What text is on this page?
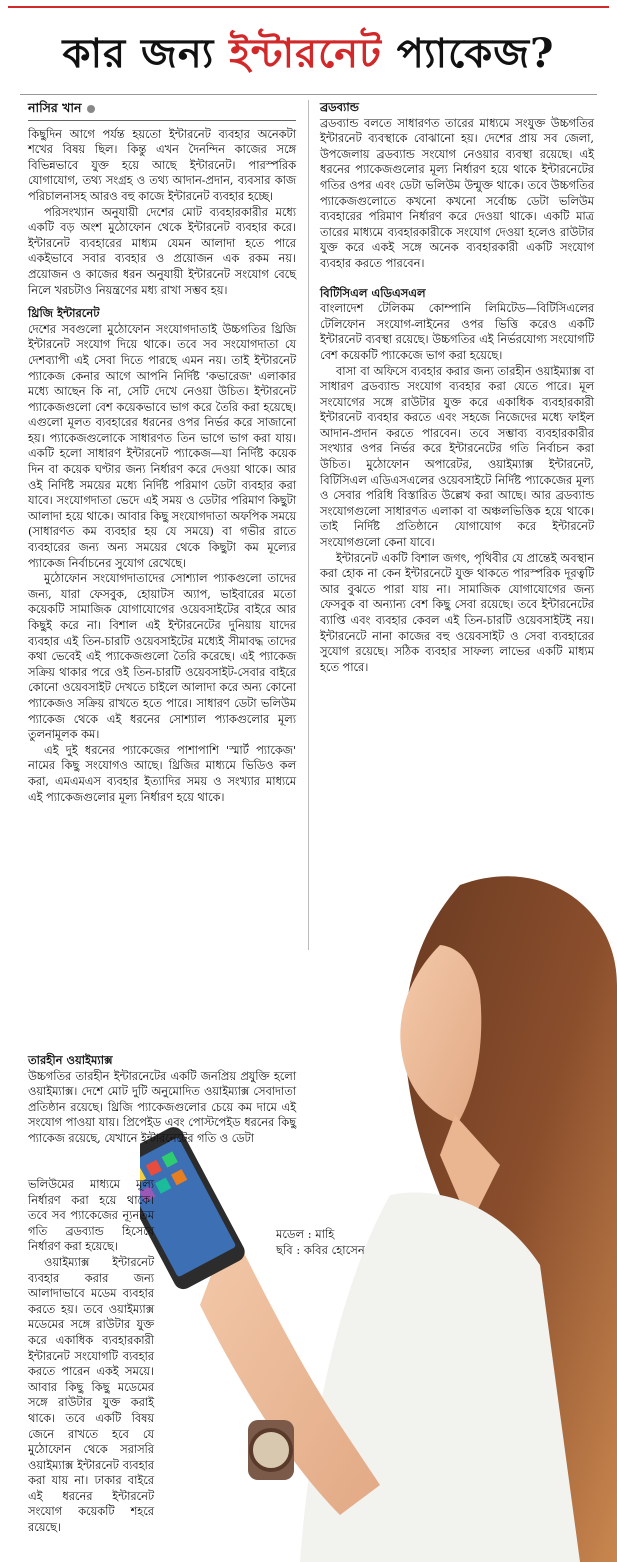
কার জন্য ইন্টারনেট প্যাকেজ?
নাসির খান

কিছুদিন আগে পর্যন্ত হয়তো ইন্টারনেট ব্যবহার অনেকটা শখের বিষয় ছিল। কিন্তু এখন দৈনন্দিন কাজের সঙ্গে বিভিন্নভাবে যুক্ত হয়ে আছে ইন্টারনেট। পারস্পরিক যোগাযোগ, তথ্য সংগ্রহ ও তথ্য আদান-প্রদান, ব্যবসার কাজ পরিচালনাসহ আরও বহু কাজে ইন্টারনেট ব্যবহার হচ্ছে।

পরিসংখ্যান অনুযায়ী দেশের মোট ব্যবহারকারীর মধ্যে একটি বড় অংশ মুঠোফোন থেকে ইন্টারনেট ব্যবহার করে। ইন্টারনেট ব্যবহারের মাধ্যম যেমন আলাদা হতে পারে একইভাবে সবার ব্যবহার ও প্রয়োজন এক রকম নয়। প্রয়োজন ও কাজের ধরন অনুযায়ী ইন্টারনেট সংযোগ বেছে নিলে খরচটাও নিয়ন্ত্রণের মধ্য রাখা সম্ভব হয়।

থ্রিজি ইন্টারনেট

দেশের সবগুলো মুঠোফোন সংযোগদাতাই উচ্চগতির থ্রিজি ইন্টারনেট সংযোগ দিয়ে থাকে। তবে সব সংযোগদাতা যে দেশব্যাপী এই সেবা দিতে পারছে এমন নয়। তাই ইন্টারনেট প্যাকেজ কেনার আগে আপনি নির্দিষ্ট 'কভারেজ' এলাকার মধ্যে আছেন কি না, সেটি দেখে নেওয়া উচিত। ইন্টারনেট প্যাকেজগুলো বেশ কয়েকভাবে ভাগ করে তৈরি করা হয়েছে। এগুলো মূলত ব্যবহারের ধরনের ওপর নির্ভর করে সাজানো হয়। প্যাকেজগুলোকে সাধারণত তিন ভাগে ভাগ করা যায়। একটি হলো সাধারণ ইন্টারনেট প্যাকেজ—যা নির্দিষ্ট কয়েক দিন বা কয়েক ঘণ্টার জন্য নির্ধারণ করে দেওয়া থাকে। আর ওই নির্দিষ্ট সময়ের মধ্যে নির্দিষ্ট পরিমাণ ডেটা ব্যবহার করা যাবে। সংযোগদাতা ভেদে এই সময় ও ডেটার পরিমাণ কিছুটা আলাদা হয়ে থাকে। আবার কিছু সংযোগদাতা অফপিক সময়ে (সাধারণত কম ব্যবহার হয় যে সময়ে) বা গভীর রাতে ব্যবহারের জন্য অন্য সময়ের থেকে কিছুটা কম মূল্যের প্যাকেজ নির্বাচনের সুযোগ রেখেছে।

মুঠোফোন সংযোগদাতাদের সোশ্যাল প্যাকগুলো তাদের জন্য, যারা ফেসবুক, হোয়াটস অ্যাপ, ভাইবারের মতো কয়েকটি সামাজিক যোগাযোগের ওয়েবসাইটের বাইরে আর কিছুই করে না। বিশাল এই ইন্টারনেটের দুনিয়ায় যাদের ব্যবহার এই তিন-চারটি ওয়েবসাইটের মধ্যেই সীমাবদ্ধ তাদের কথা ভেবেই এই প্যাকেজগুলো তৈরি করেছে। এই প্যাকেজ সক্রিয় থাকার পরে ওই তিন-চারটি ওয়েবসাইট-সেবার বাইরে কোনো ওয়েবসাইট দেখতে চাইলে আলাদা করে অন্য কোনো প্যাকেজও সক্রিয় রাখতে হতে পারে। সাধারণ ডেটা ভলিউম প্যাকেজ থেকে এই ধরনের সোশ্যাল প্যাকগুলোর মূল্য তুলনামূলক কম।

এই দুই ধরনের প্যাকেজের পাশাপাশি 'স্মার্ট প্যাকেজ' নামের কিছু সংযোগও আছে। থ্রিজির মাধ্যমে ভিডিও কল করা, এমএমএস ব্যবহার ইত্যাদির সময় ও সংখ্যার মাধ্যমে এই প্যাকেজগুলোর মূল্য নির্ধারণ হয়ে থাকে।

তারহীন ওয়াইম্যাক্স

উচ্চগতির তারহীন ইন্টারনেটের একটি জনপ্রিয় প্রযুক্তি হলো ওয়াইম্যাক্স। দেশে মোট দুটি অনুমোদিত ওয়াইম্যাক্স সেবাদাতা প্রতিষ্ঠান রয়েছে। থ্রিজি প্যাকেজগুলোর চেয়ে কম দামে এই সংযোগ পাওয়া যায়। প্রিপেইড এবং পোস্টপেইড ধরনের কিছু প্যাকেজ রয়েছে, যেখানে ইন্টারনেটের গতি ও ডেটা

ভলিউমের মাধ্যমে মূল্য নির্ধারণ করা হয়ে থাকে। তবে সব প্যাকেজের ন্যূনতম গতি ব্রডব্যান্ড হিসেবে নির্ধারণ করা হয়েছে।

ওয়াইম্যাক্স ইন্টারনেট ব্যবহার করার জন্য আলাদাভাবে মডেম ব্যবহার করতে হয়। তবে ওয়াইম্যাক্স মডেমের সঙ্গে রাউটার যুক্ত করে একাধিক ব্যবহারকারী ইন্টারনেট সংযোগটি ব্যবহার করতে পারেন একই সময়ে। আবার কিছু কিছু মডেমের সঙ্গে রাউটার যুক্ত করাই থাকে। তবে একটি বিষয় জেনে রাখতে হবে যে মুঠোফোন থেকে সরাসরি ওয়াইম্যাক্স ইন্টারনেট ব্যবহার করা যায় না। ঢাকার বাইরে এই ধরনের ইন্টারনেট সংযোগ কয়েকটি শহরে রয়েছে।

ব্রডব্যান্ড

ব্রডব্যান্ড বলতে সাধারণত তারের মাধ্যমে সংযুক্ত উচ্চগতির ইন্টারনেট ব্যবস্থাকে বোঝানো হয়। দেশের প্রায় সব জেলা, উপজেলায় ব্রডব্যান্ড সংযোগ নেওয়ার ব্যবস্থা রয়েছে। এই ধরনের প্যাকেজগুলোর মূল্য নির্ধারণ হয়ে থাকে ইন্টারনেটের গতির ওপর এবং ডেটা ভলিউম উন্মুক্ত থাকে। তবে উচ্চগতির প্যাকেজগুলোতে কখনো কখনো সর্বোচ্চ ডেটা ভলিউম ব্যবহারের পরিমাণ নির্ধারণ করে দেওয়া থাকে। একটি মাত্র তারের মাধ্যমে ব্যবহারকারীকে সংযোগ দেওয়া হলেও রাউটার যুক্ত করে একই সঙ্গে অনেক ব্যবহারকারী একটি সংযোগ ব্যবহার করতে পারবেন।

বিটিসিএল এডিএসএল

বাংলাদেশ টেলিকম কোম্পানি লিমিটেড—বিটিসিএলের টেলিফোন সংযোগ-লাইনের ওপর ভিত্তি করেও একটি ইন্টারনেট ব্যবস্থা রয়েছে। উচ্চগতির এই নির্ভরযোগ্য সংযোগটি বেশ কয়েকটি প্যাকেজে ভাগ করা হয়েছে।

বাসা বা অফিসে ব্যবহার করার জন্য তারহীন ওয়াইম্যাক্স বা সাধারণ ব্রডব্যান্ড সংযোগ ব্যবহার করা যেতে পারে। মূল সংযোগের সঙ্গে রাউটার যুক্ত করে একাধিক ব্যবহারকারী ইন্টারনেট ব্যবহার করতে এবং সহজে নিজেদের মধ্যে ফাইল আদান-প্রদান করতে পারবেন। তবে সম্ভাব্য ব্যবহারকারীর সংখ্যার ওপর নির্ভর করে ইন্টারনেটের গতি নির্বাচন করা উচিত। মুঠোফোন অপারেটর, ওয়াইম্যাক্স ইন্টারনেট, বিটিসিএল এডিএসএলের ওয়েবসাইটে নির্দিষ্ট প্যাকেজের মূল্য ও সেবার পরিধি বিস্তারিত উল্লেখ করা আছে। আর ব্রডব্যান্ড সংযোগগুলো সাধারণত এলাকা বা অঞ্চলভিত্তিক হয়ে থাকে। তাই নির্দিষ্ট প্রতিষ্ঠানে যোগাযোগ করে ইন্টারনেট সংযোগগুলো কেনা যাবে।

ইন্টারনেট একটি বিশাল জগৎ, পৃথিবীর যে প্রান্তেই অবস্থান করা হোক না কেন ইন্টারনেটে যুক্ত থাকতে পারস্পরিক দূরত্বটি আর বুঝতে পারা যায় না। সামাজিক যোগাযোগের জন্য ফেসবুক বা অন্যান্য বেশ কিছু সেবা রয়েছে। তবে ইন্টারনেটের ব্যাপ্তি এবং ব্যবহার কেবল এই তিন-চারটি ওয়েবসাইটই নয়। ইন্টারনেটে নানা কাজের বহু ওয়েবসাইট ও সেবা ব্যবহারের সুযোগ রয়েছে। সঠিক ব্যবহার সাফল্য লাভের একটি মাধ্যম হতে পারে।

মডেল : মাহি
ছবি : কবির হোসেন
